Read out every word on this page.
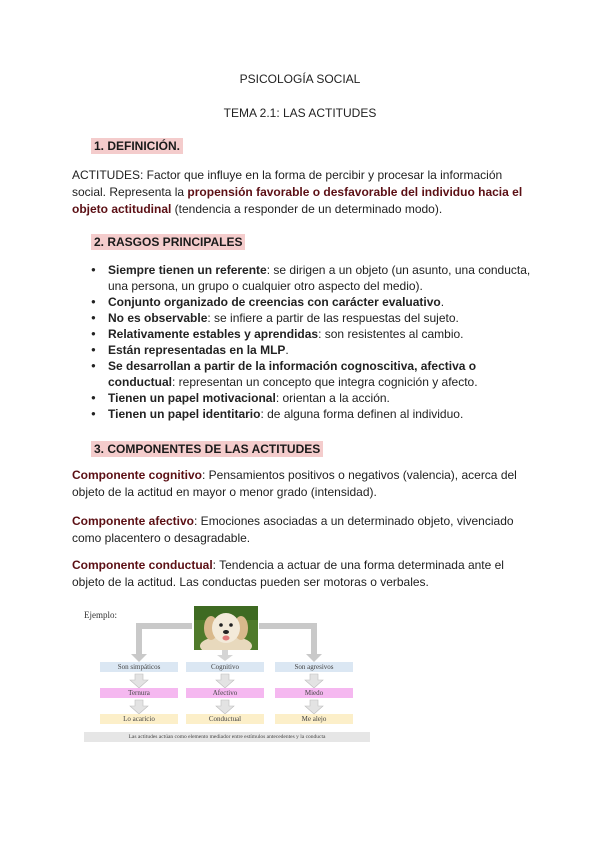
PSICOLOGÍA SOCIAL
TEMA 2.1: LAS ACTITUDES
1. DEFINICIÓN.
ACTITUDES: Factor que influye en la forma de percibir y procesar la información social. Representa la propensión favorable o desfavorable del individuo hacia el objeto actitudinal (tendencia a responder de un determinado modo).
2. RASGOS PRINCIPALES
● Siempre tienen un referente: se dirigen a un objeto (un asunto, una conducta, una persona, un grupo o cualquier otro aspecto del medio).
● Conjunto organizado de creencias con carácter evaluativo.
● No es observable: se infiere a partir de las respuestas del sujeto.
● Relativamente estables y aprendidas: son resistentes al cambio.
● Están representadas en la MLP.
● Se desarrollan a partir de la información cognoscitiva, afectiva o conductual: representan un concepto que integra cognición y afecto.
● Tienen un papel motivacional: orientan a la acción.
● Tienen un papel identitario: de alguna forma definen al individuo.
3. COMPONENTES DE LAS ACTITUDES
Componente cognitivo: Pensamientos positivos o negativos (valencia), acerca del objeto de la actitud en mayor o menor grado (intensidad).
Componente afectivo: Emociones asociadas a un determinado objeto, vivenciado como placentero o desagradable.
Componente conductual: Tendencia a actuar de una forma determinada ante el objeto de la actitud. Las conductas pueden ser motoras o verbales.
Ejemplo:
Son simpáticos
Ternura
Lo acaricio
Cognitivo
Afectivo
Conductual
Son agresivos
Miedo
Me alejo
Las actitudes actúan como elemento mediador entre estímulos antecedentes y la conducta
